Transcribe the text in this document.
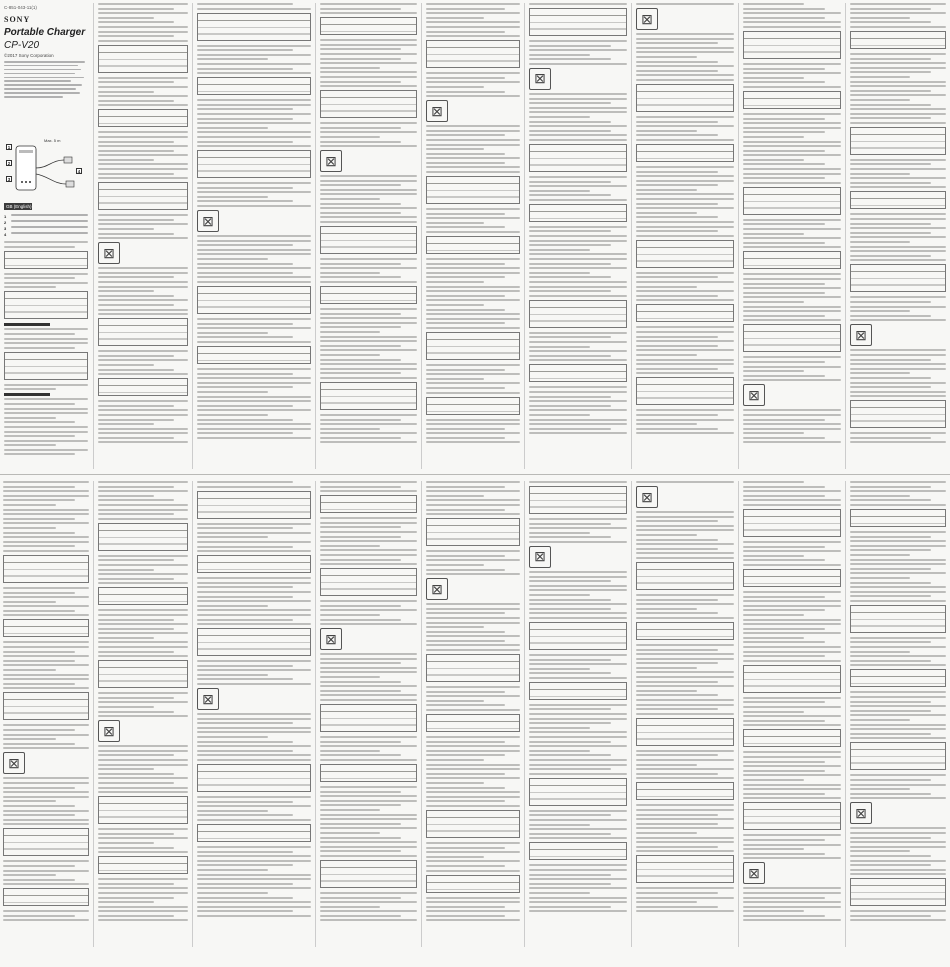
C-851-043-11(1)
SONY
Portable Charger
CP-V20
©2017 Sony Corporation
1
2
3
4
Max. 5 m
GB (English)
1
2
3
4
⊠
⊠
⊠
⊠
⊠
⊠
⊠
⊠
⊠
⊠
⊠
⊠
⊠
⊠
⊠
⊠
⊠
